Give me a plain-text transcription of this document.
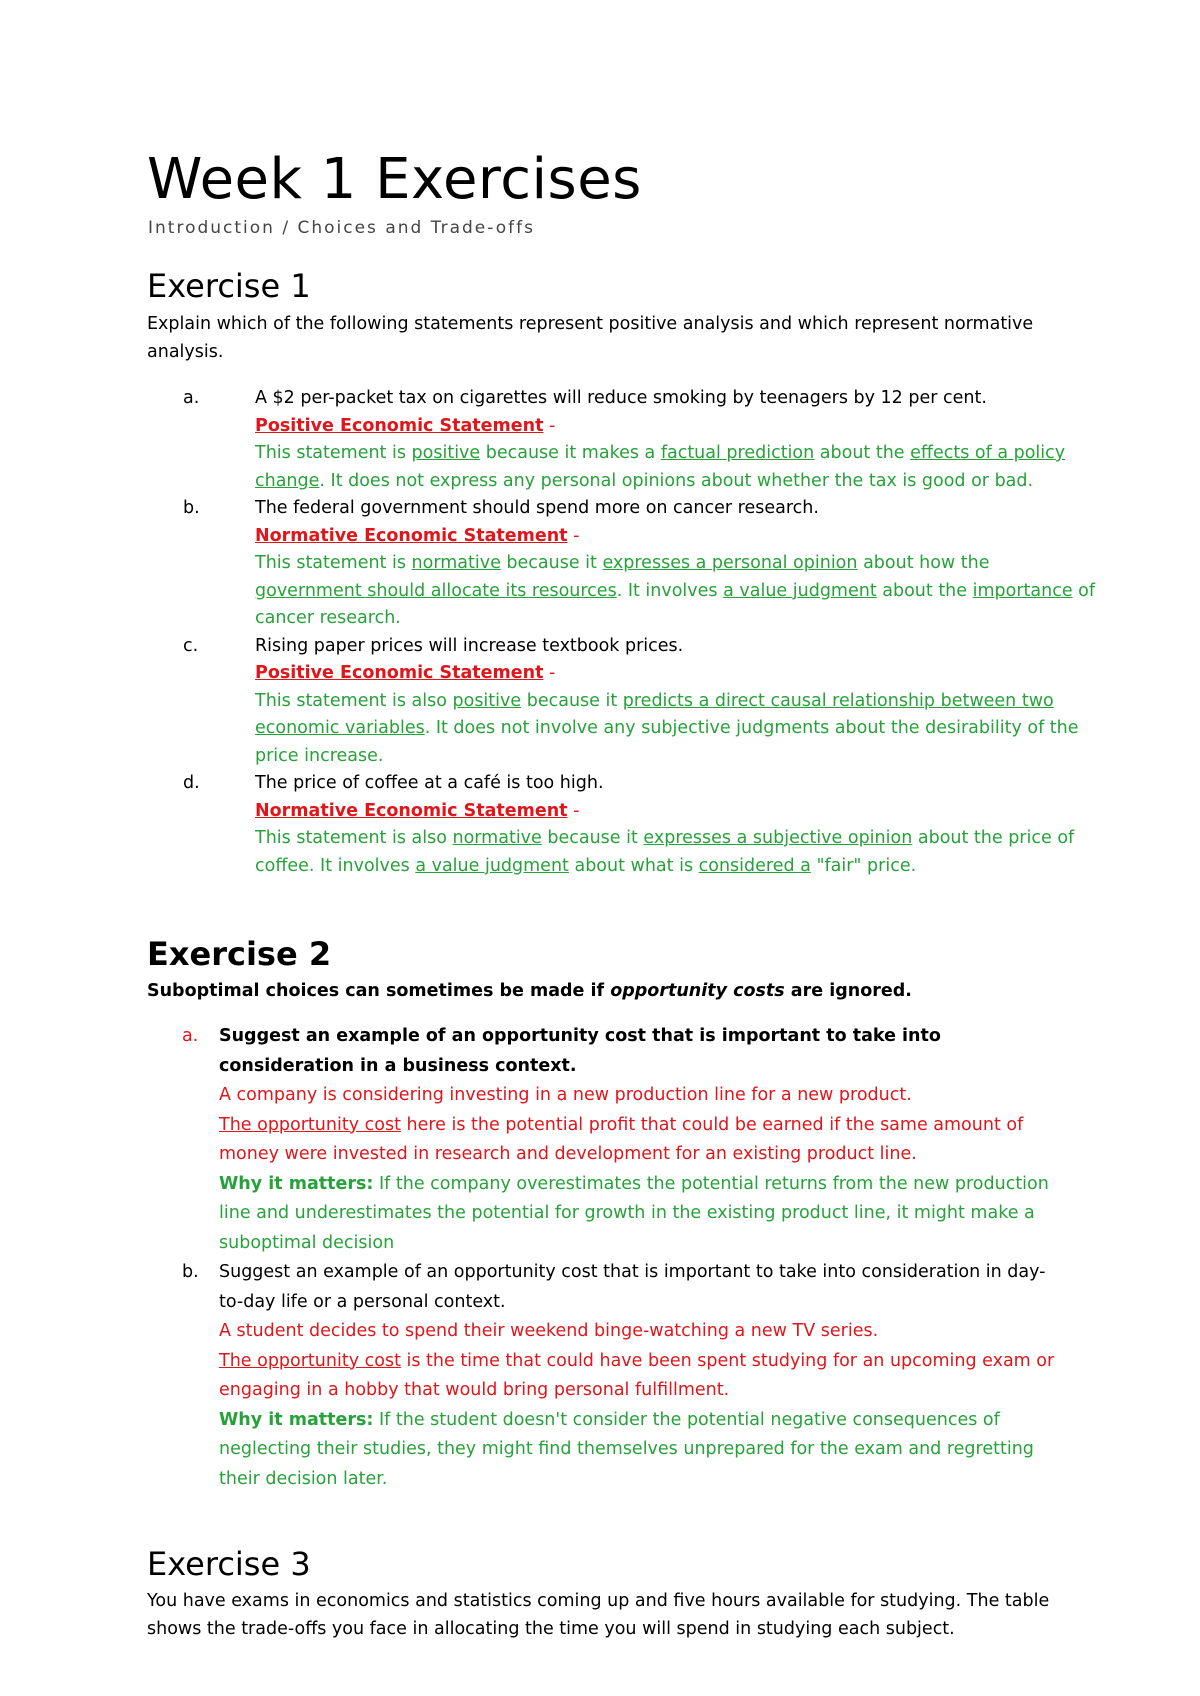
Week 1 Exercises
Introduction / Choices and Trade-offs
Exercise 1
Explain which of the following statements represent positive analysis and which represent normative analysis.
a.	A $2 per-packet tax on cigarettes will reduce smoking by teenagers by 12 per cent.
Positive Economic Statement -
This statement is positive because it makes a factual prediction about the effects of a policy change. It does not express any personal opinions about whether the tax is good or bad.
b.	The federal government should spend more on cancer research.
Normative Economic Statement -
This statement is normative because it expresses a personal opinion about how the government should allocate its resources. It involves a value judgment about the importance of cancer research.
c.	Rising paper prices will increase textbook prices.
Positive Economic Statement -
This statement is also positive because it predicts a direct causal relationship between two economic variables. It does not involve any subjective judgments about the desirability of the price increase.
d.	The price of coffee at a café is too high.
Normative Economic Statement -
This statement is also normative because it expresses a subjective opinion about the price of coffee. It involves a value judgment about what is considered a "fair" price.
Exercise 2
Suboptimal choices can sometimes be made if opportunity costs are ignored.
a. Suggest an example of an opportunity cost that is important to take into consideration in a business context.
A company is considering investing in a new production line for a new product.
The opportunity cost here is the potential profit that could be earned if the same amount of money were invested in research and development for an existing product line.
Why it matters: If the company overestimates the potential returns from the new production line and underestimates the potential for growth in the existing product line, it might make a suboptimal decision
b. Suggest an example of an opportunity cost that is important to take into consideration in day-to-day life or a personal context.
A student decides to spend their weekend binge-watching a new TV series.
The opportunity cost is the time that could have been spent studying for an upcoming exam or engaging in a hobby that would bring personal fulfillment.
Why it matters: If the student doesn't consider the potential negative consequences of neglecting their studies, they might find themselves unprepared for the exam and regretting their decision later.
Exercise 3
You have exams in economics and statistics coming up and five hours available for studying. The table shows the trade-offs you face in allocating the time you will spend in studying each subject.
